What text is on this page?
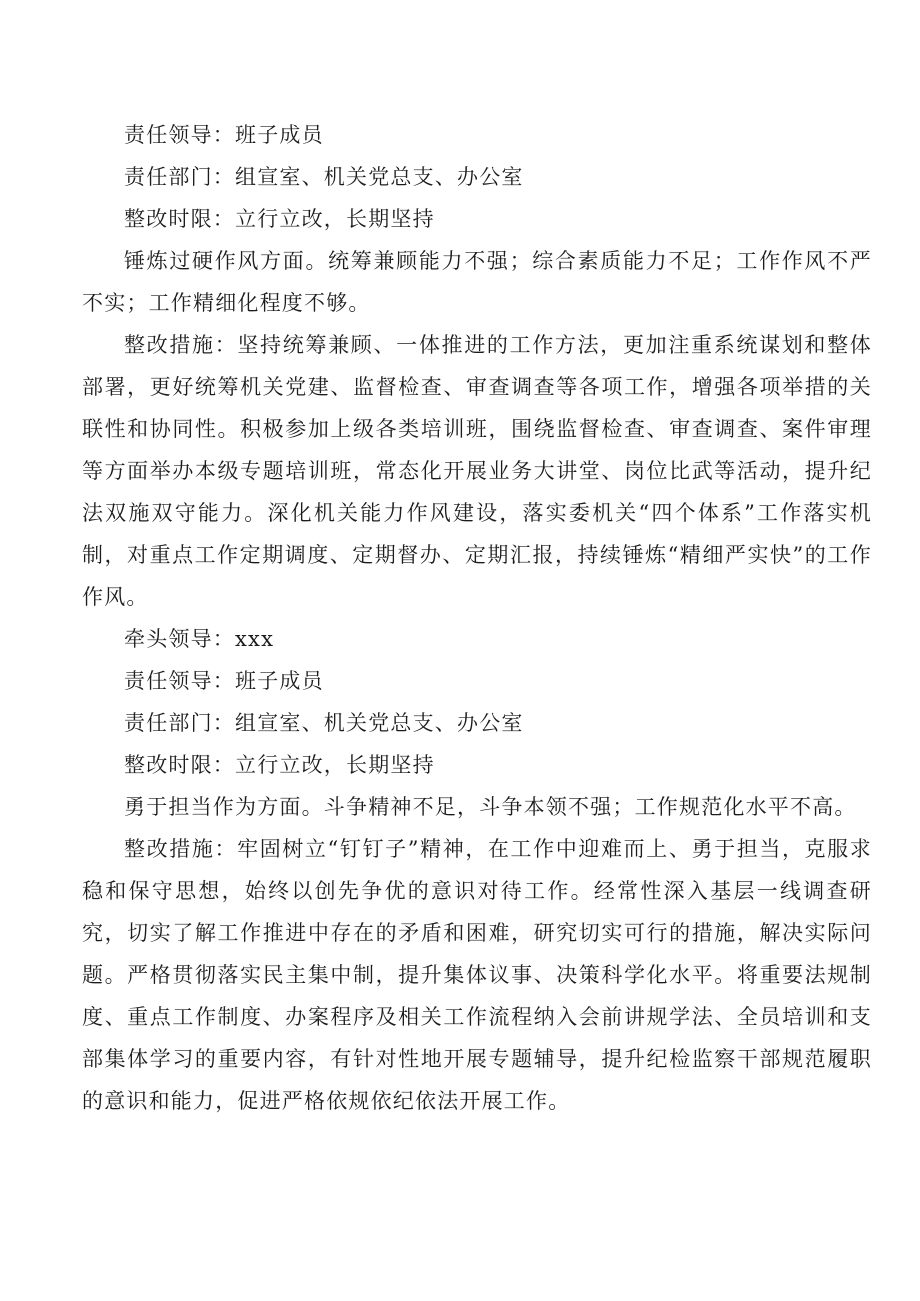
责任领导：班子成员

责任部门：组宣室、机关党总支、办公室

整改时限：立行立改，长期坚持

锤炼过硬作风方面。统筹兼顾能力不强；综合素质能力不足；工作作风不严不实；工作精细化程度不够。

整改措施：坚持统筹兼顾、一体推进的工作方法，更加注重系统谋划和整体部署，更好统筹机关党建、监督检查、审查调查等各项工作，增强各项举措的关联性和协同性。积极参加上级各类培训班，围绕监督检查、审查调查、案件审理等方面举办本级专题培训班，常态化开展业务大讲堂、岗位比武等活动，提升纪法双施双守能力。深化机关能力作风建设，落实委机关“四个体系”工作落实机制，对重点工作定期调度、定期督办、定期汇报，持续锤炼“精细严实快”的工作作风。

牵头领导：xxx

责任领导：班子成员

责任部门：组宣室、机关党总支、办公室

整改时限：立行立改，长期坚持

勇于担当作为方面。斗争精神不足，斗争本领不强；工作规范化水平不高。

整改措施：牢固树立“钉钉子”精神，在工作中迎难而上、勇于担当，克服求稳和保守思想，始终以创先争优的意识对待工作。经常性深入基层一线调查研究，切实了解工作推进中存在的矛盾和困难，研究切实可行的措施，解决实际问题。严格贯彻落实民主集中制，提升集体议事、决策科学化水平。将重要法规制度、重点工作制度、办案程序及相关工作流程纳入会前讲规学法、全员培训和支部集体学习的重要内容，有针对性地开展专题辅导，提升纪检监察干部规范履职的意识和能力，促进严格依规依纪依法开展工作。
